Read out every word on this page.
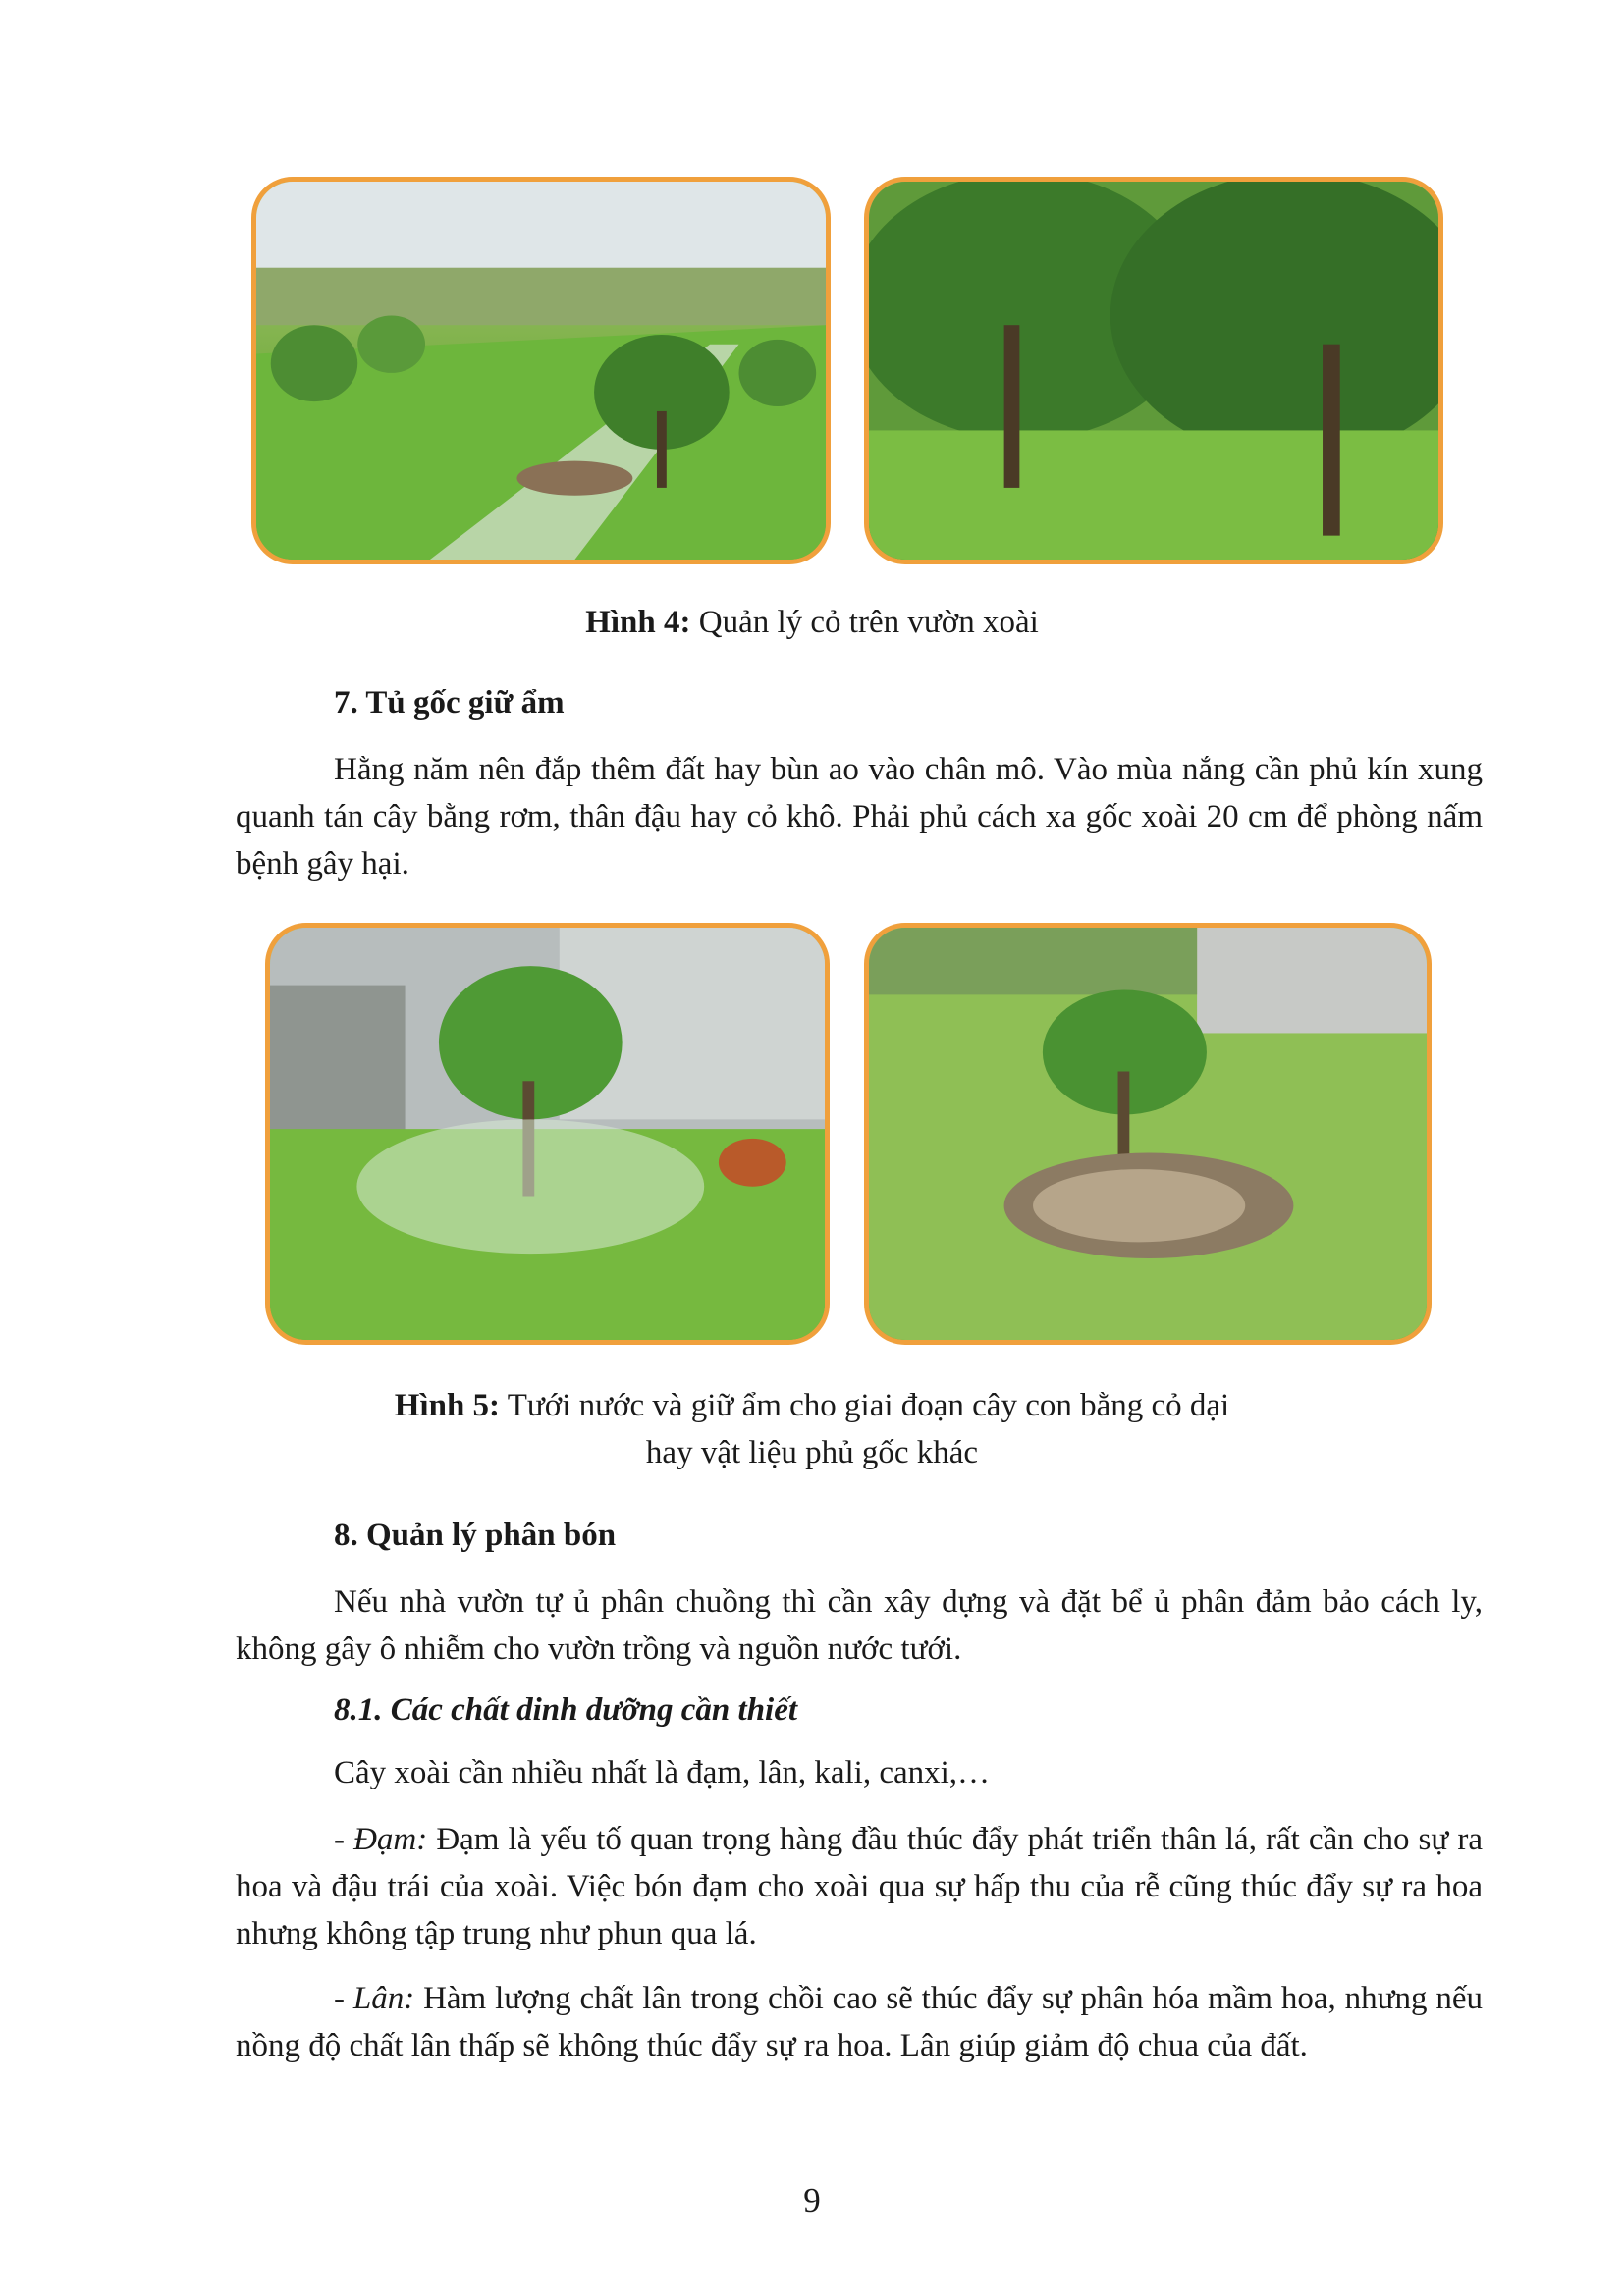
Hình 4: Quản lý cỏ trên vườn xoài
7. Tủ gốc giữ ẩm
Hằng năm nên đắp thêm đất hay bùn ao vào chân mô. Vào mùa nắng cần phủ kín xung quanh tán cây bằng rơm, thân đậu hay cỏ khô. Phải phủ cách xa gốc xoài 20 cm để phòng nấm bệnh gây hại.
Hình 5: Tưới nước và giữ ẩm cho giai đoạn cây con bằng cỏ dại
hay vật liệu phủ gốc khác
8. Quản lý phân bón
Nếu nhà vườn tự ủ phân chuồng thì cần xây dựng và đặt bể ủ phân đảm bảo cách ly, không gây ô nhiễm cho vườn trồng và nguồn nước tưới.
8.1. Các chất dinh dưỡng cần thiết
Cây xoài cần nhiều nhất là đạm, lân, kali, canxi,…
- Đạm: Đạm là yếu tố quan trọng hàng đầu thúc đẩy phát triển thân lá, rất cần cho sự ra hoa và đậu trái của xoài. Việc bón đạm cho xoài qua sự hấp thu của rễ cũng thúc đẩy sự ra hoa nhưng không tập trung như phun qua lá.
- Lân: Hàm lượng chất lân trong chồi cao sẽ thúc đẩy sự phân hóa mầm hoa, nhưng nếu nồng độ chất lân thấp sẽ không thúc đẩy sự ra hoa. Lân giúp giảm độ chua của đất.
9
